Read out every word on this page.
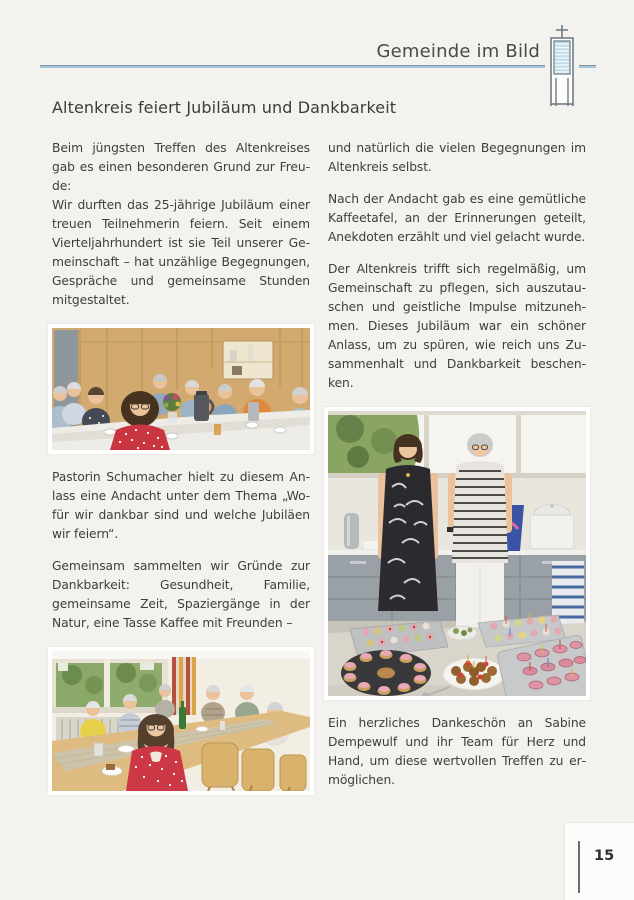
Gemeinde im Bild
Altenkreis feiert Jubiläum und Dankbarkeit

Beim jüngsten Treffen des Altenkreises gab es einen besonderen Grund zur Freude:

Wir durften das 25-jährige Jubiläum einer treuen Teilnehmerin feiern. Seit einem Vierteljahrhundert ist sie Teil unserer Gemeinschaft – hat unzählige Begegnungen, Gespräche und gemeinsame Stunden mitgestaltet.

Pastorin Schumacher hielt zu diesem Anlass eine Andacht unter dem Thema „Wofür wir dankbar sind und welche Jubiläen wir feiern“.

Gemeinsam sammelten wir Gründe zur Dankbarkeit: Gesundheit, Familie, gemeinsame Zeit, Spaziergänge in der Natur, eine Tasse Kaffee mit Freunden –

und natürlich die vielen Begegnungen im Altenkreis selbst.

Nach der Andacht gab es eine gemütliche Kaffeetafel, an der Erinnerungen geteilt, Anekdoten erzählt und viel gelacht wurde.

Der Altenkreis trifft sich regelmäßig, um Gemeinschaft zu pflegen, sich auszutauschen und geistliche Impulse mitzunehmen. Dieses Jubiläum war ein schöner Anlass, um zu spüren, wie reich uns Zusammenhalt und Dankbarkeit beschenken.

Ein herzliches Dankeschön an Sabine Dempewulf und ihr Team für Herz und Hand, um diese wertvollen Treffen zu ermöglichen.

15
